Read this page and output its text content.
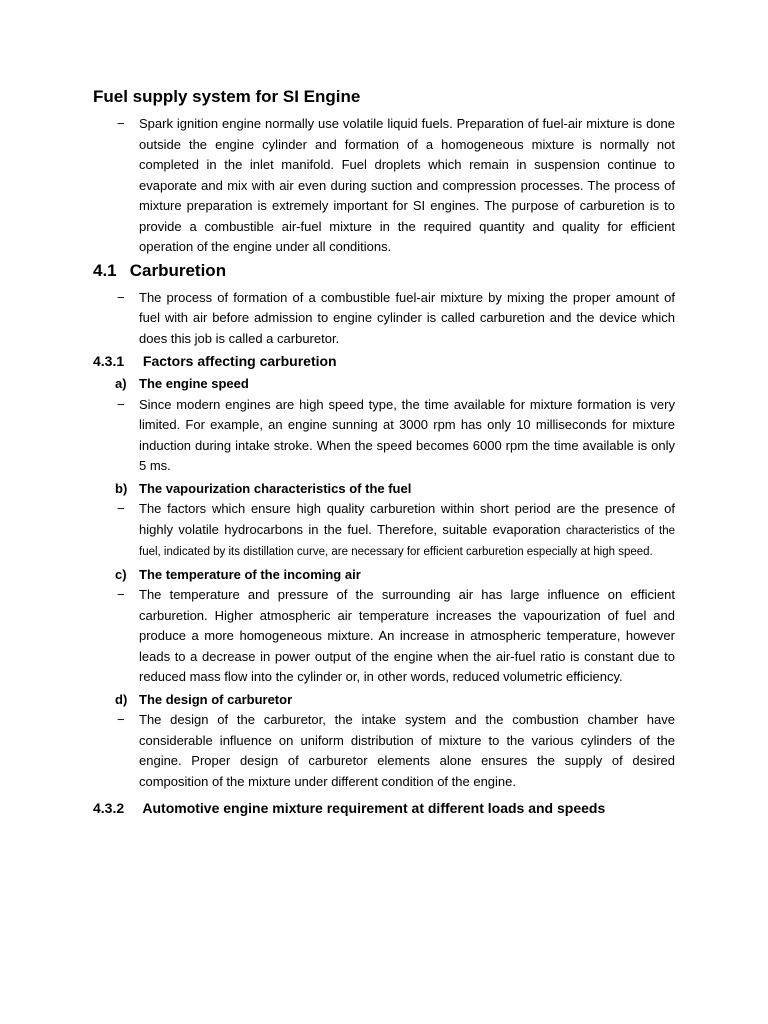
Fuel supply system for SI Engine
−	Spark ignition engine normally use volatile liquid fuels. Preparation of fuel-air mixture is done outside the engine cylinder and formation of a homogeneous mixture is normally not completed in the inlet manifold. Fuel droplets which remain in suspension continue to evaporate and mix with air even during suction and compression processes. The process of mixture preparation is extremely important for SI engines. The purpose of carburetion is to provide a combustible air-fuel mixture in the required quantity and quality for efficient operation of the engine under all conditions.
4.1 Carburetion
−	The process of formation of a combustible fuel-air mixture by mixing the proper amount of fuel with air before admission to engine cylinder is called carburetion and the device which does this job is called a carburetor.
4.3.1 Factors affecting carburetion
a) The engine speed
−	Since modern engines are high speed type, the time available for mixture formation is very limited. For example, an engine sunning at 3000 rpm has only 10 milliseconds for mixture induction during intake stroke. When the speed becomes 6000 rpm the time available is only 5 ms.
b) The vapourization characteristics of the fuel
−	The factors which ensure high quality carburetion within short period are the presence of highly volatile hydrocarbons in the fuel. Therefore, suitable evaporation characteristics of the fuel, indicated by its distillation curve, are necessary for efficient carburetion especially at high speed.
c) The temperature of the incoming air
−	The temperature and pressure of the surrounding air has large influence on efficient carburetion. Higher atmospheric air temperature increases the vapourization of fuel and produce a more homogeneous mixture. An increase in atmospheric temperature, however leads to a decrease in power output of the engine when the air-fuel ratio is constant due to reduced mass flow into the cylinder or, in other words, reduced volumetric efficiency.
d) The design of carburetor
−	The design of the carburetor, the intake system and the combustion chamber have considerable influence on uniform distribution of mixture to the various cylinders of the engine. Proper design of carburetor elements alone ensures the supply of desired composition of the mixture under different condition of the engine.
4.3.2 Automotive engine mixture requirement at different loads and speeds
